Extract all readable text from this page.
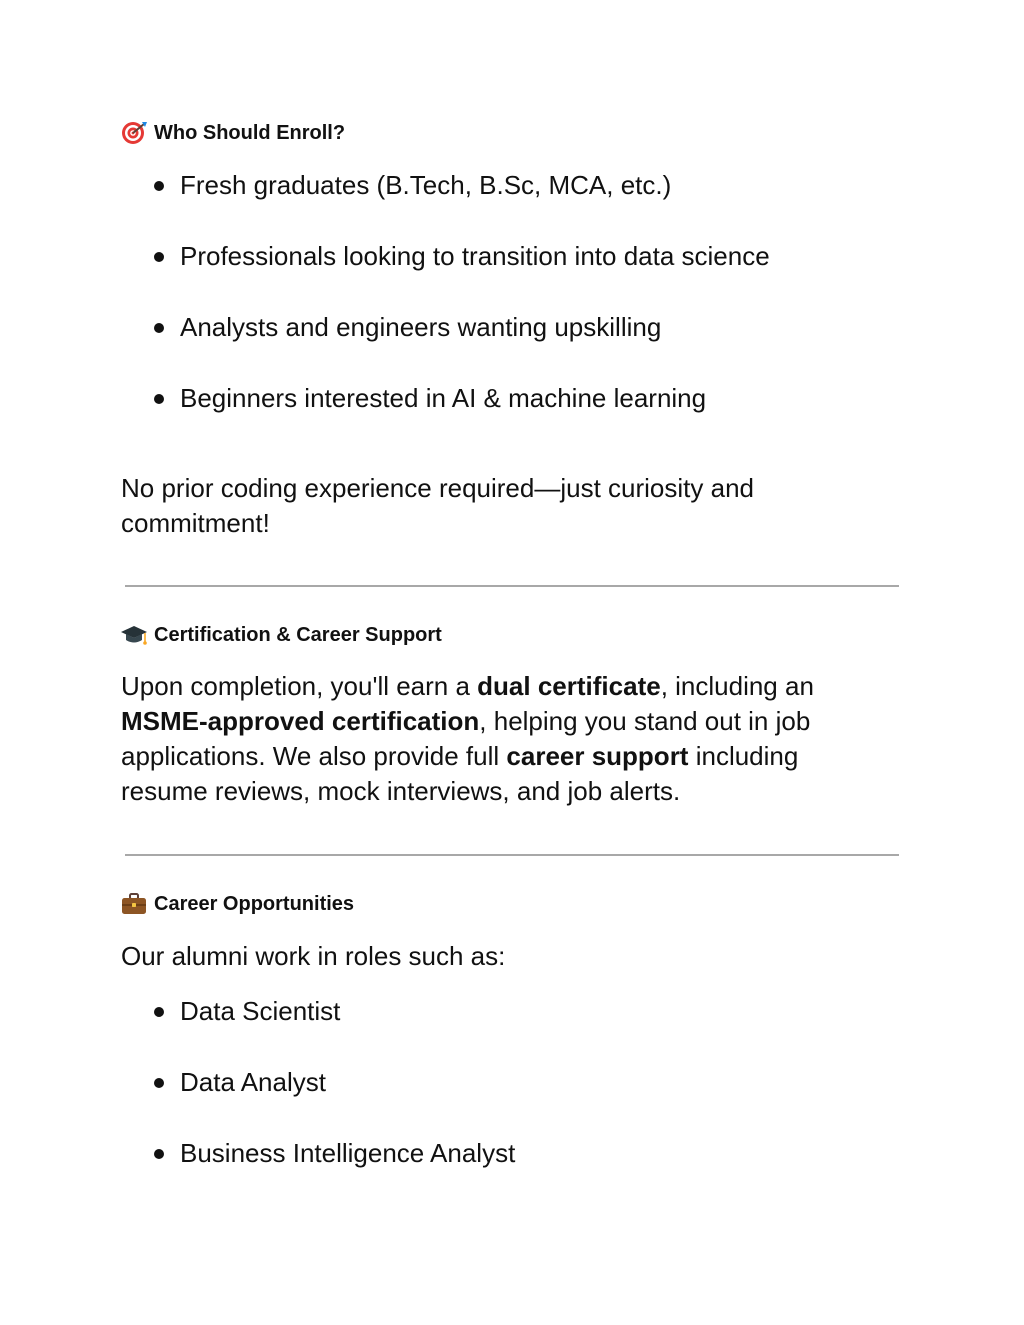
Who Should Enroll?
Fresh graduates (B.Tech, B.Sc, MCA, etc.)
Professionals looking to transition into data science
Analysts and engineers wanting upskilling
Beginners interested in AI & machine learning

No prior coding experience required—just curiosity and
commitment!

Certification & Career Support

Upon completion, you'll earn a dual certificate, including an MSME-approved certification, helping you stand out in job applications. We also provide full career support including resume reviews, mock interviews, and job alerts.

Career Opportunities

Our alumni work in roles such as:

Data Scientist
Data Analyst
Business Intelligence Analyst
